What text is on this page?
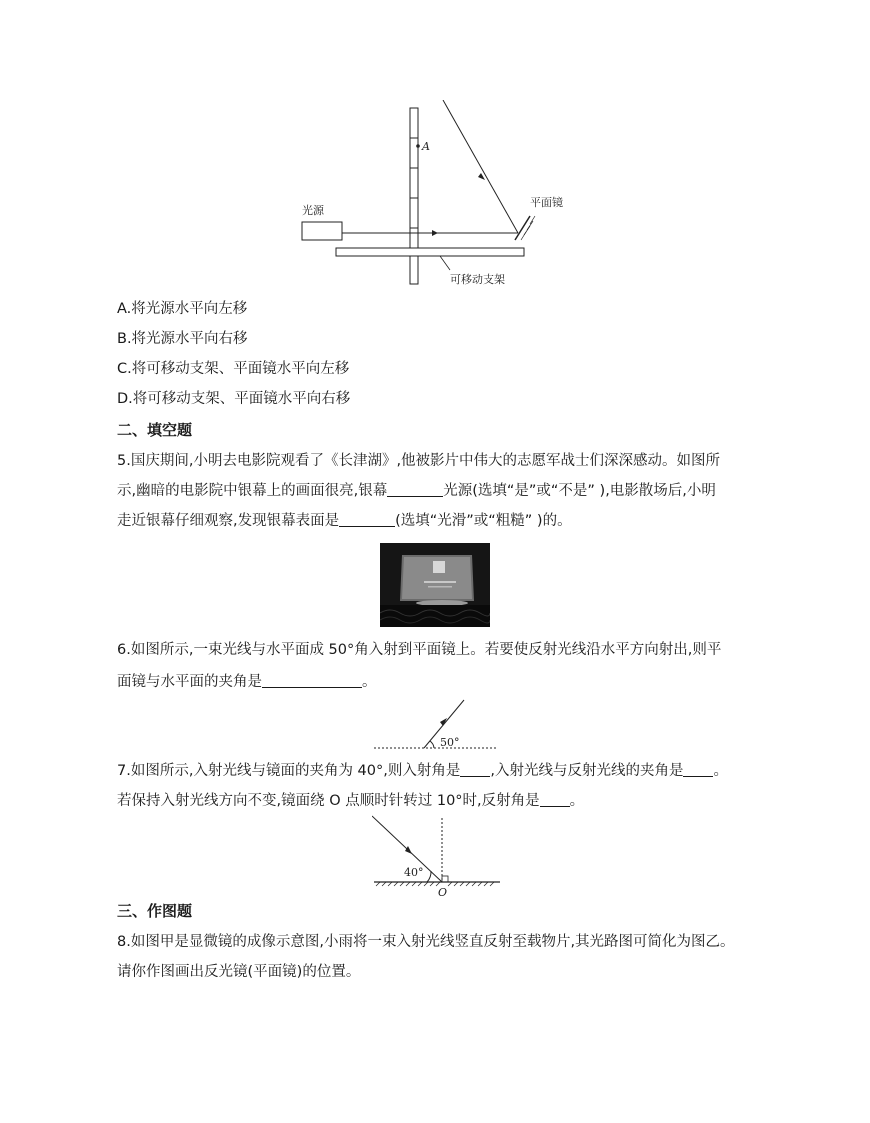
A
光源
可移动支架
平面镜
A.将光源水平向左移
B.将光源水平向右移
C.将可移动支架、平面镜水平向左移
D.将可移动支架、平面镜水平向右移
二、填空题
5.国庆期间,小明去电影院观看了《长津湖》,他被影片中伟大的志愿军战士们深深感动。如图所
示,幽暗的电影院中银幕上的画面很亮,银幕	光源(选填“是”或“不是” ),电影散场后,小明
走近银幕仔细观察,发现银幕表面是	(选填“光滑”或“粗糙” )的。
6.如图所示,一束光线与水平面成 50°角入射到平面镜上。若要使反射光线沿水平方向射出,则平
面镜与水平面的夹角是	。
50°
7.如图所示,入射光线与镜面的夹角为 40°,则入射角是 ,入射光线与反射光线的夹角是 。
若保持入射光线方向不变,镜面绕 O 点顺时针转过 10°时,反射角是 。
40°
O
三、作图题
8.如图甲是显微镜的成像示意图,小雨将一束入射光线竖直反射至载物片,其光路图可简化为图乙。
请你作图画出反光镜(平面镜)的位置。
